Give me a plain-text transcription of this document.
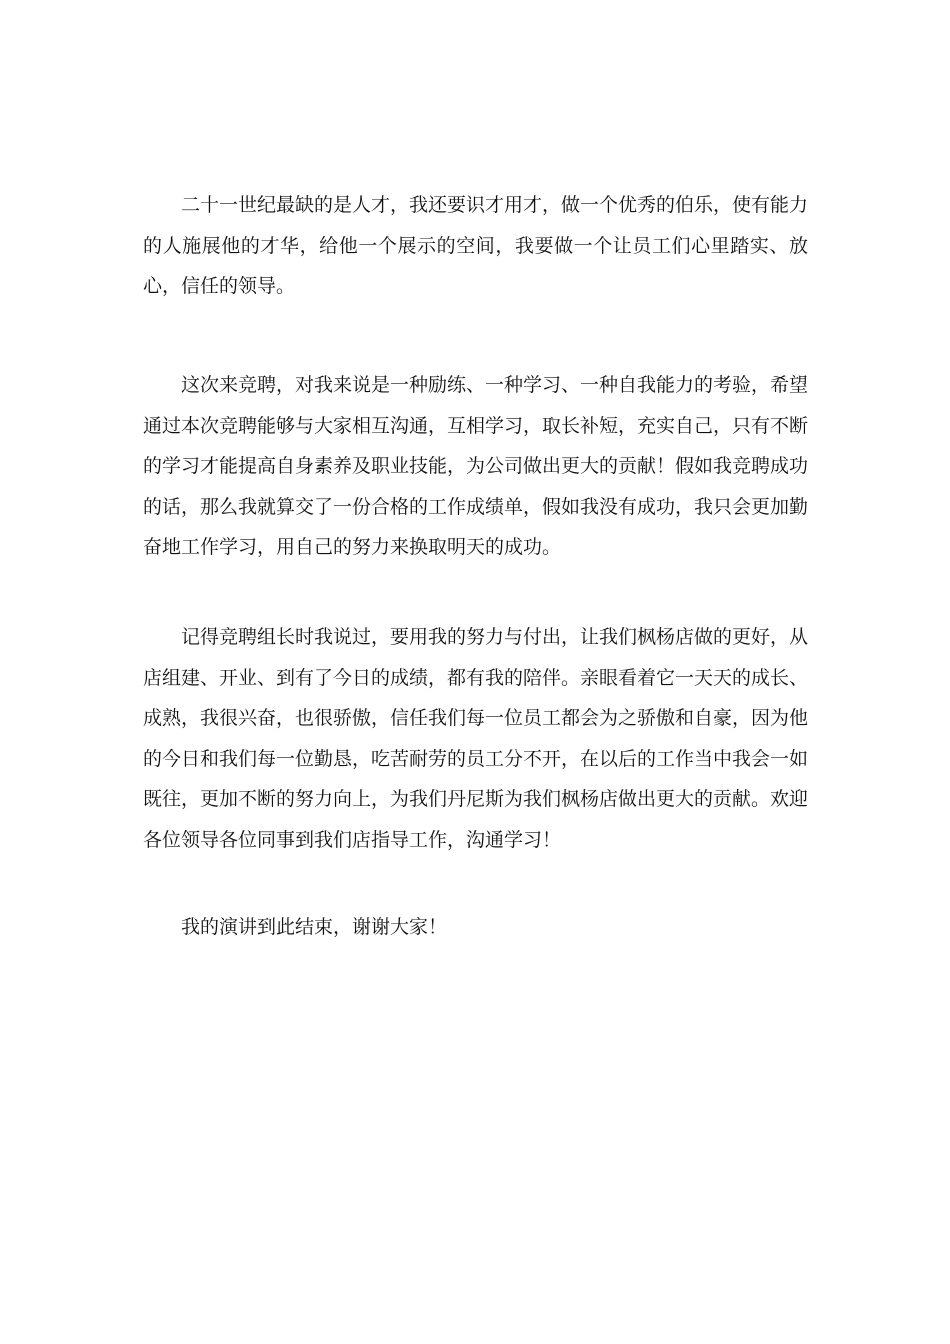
二十一世纪最缺的是人才，我还要识才用才，做一个优秀的伯乐，使有能力的人施展他的才华，给他一个展示的空间，我要做一个让员工们心里踏实、放心，信任的领导。

这次来竞聘，对我来说是一种励练、一种学习、一种自我能力的考验，希望通过本次竞聘能够与大家相互沟通，互相学习，取长补短，充实自己，只有不断的学习才能提高自身素养及职业技能，为公司做出更大的贡献！假如我竞聘成功的话，那么我就算交了一份合格的工作成绩单，假如我没有成功，我只会更加勤奋地工作学习，用自己的努力来换取明天的成功。

记得竞聘组长时我说过，要用我的努力与付出，让我们枫杨店做的更好，从店组建、开业、到有了今日的成绩，都有我的陪伴。亲眼看着它一天天的成长、成熟，我很兴奋，也很骄傲，信任我们每一位员工都会为之骄傲和自豪，因为他的今日和我们每一位勤恳，吃苦耐劳的员工分不开，在以后的工作当中我会一如既往，更加不断的努力向上，为我们丹尼斯为我们枫杨店做出更大的贡献。欢迎各位领导各位同事到我们店指导工作，沟通学习！

我的演讲到此结束，谢谢大家！
